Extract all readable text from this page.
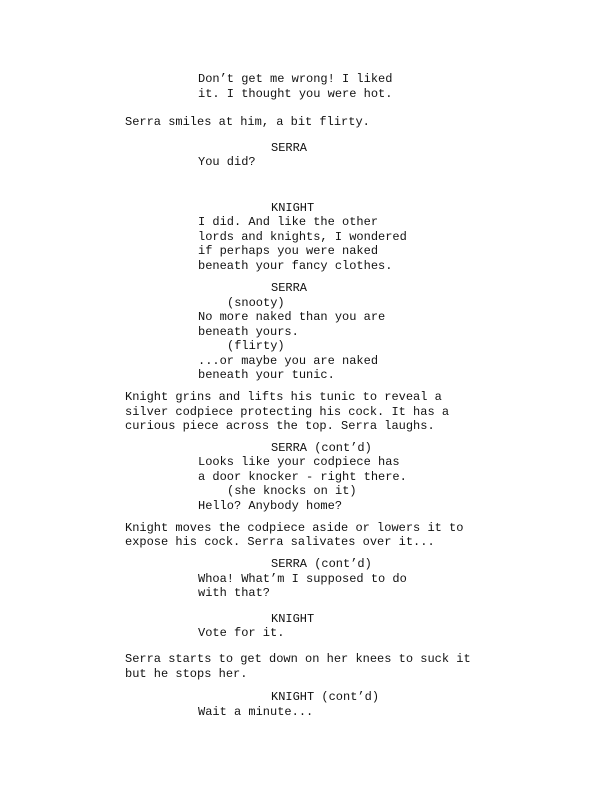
Don’t get me wrong! I liked

it. I thought you were hot.

Serra smiles at him, a bit flirty.

SERRA

You did?

KNIGHT

I did. And like the other

lords and knights, I wondered

if perhaps you were naked

beneath your fancy clothes.

SERRA

(snooty)

No more naked than you are

beneath yours.

(flirty)

...or maybe you are naked

beneath your tunic.

Knight grins and lifts his tunic to reveal a

silver codpiece protecting his cock. It has a

curious piece across the top. Serra laughs.

SERRA (cont’d)

Looks like your codpiece has

a door knocker - right there.

(she knocks on it)

Hello? Anybody home?

Knight moves the codpiece aside or lowers it to

expose his cock. Serra salivates over it...

SERRA (cont’d)

Whoa! What’m I supposed to do

with that?

KNIGHT

Vote for it.

Serra starts to get down on her knees to suck it

but he stops her.

KNIGHT (cont’d)

Wait a minute...
